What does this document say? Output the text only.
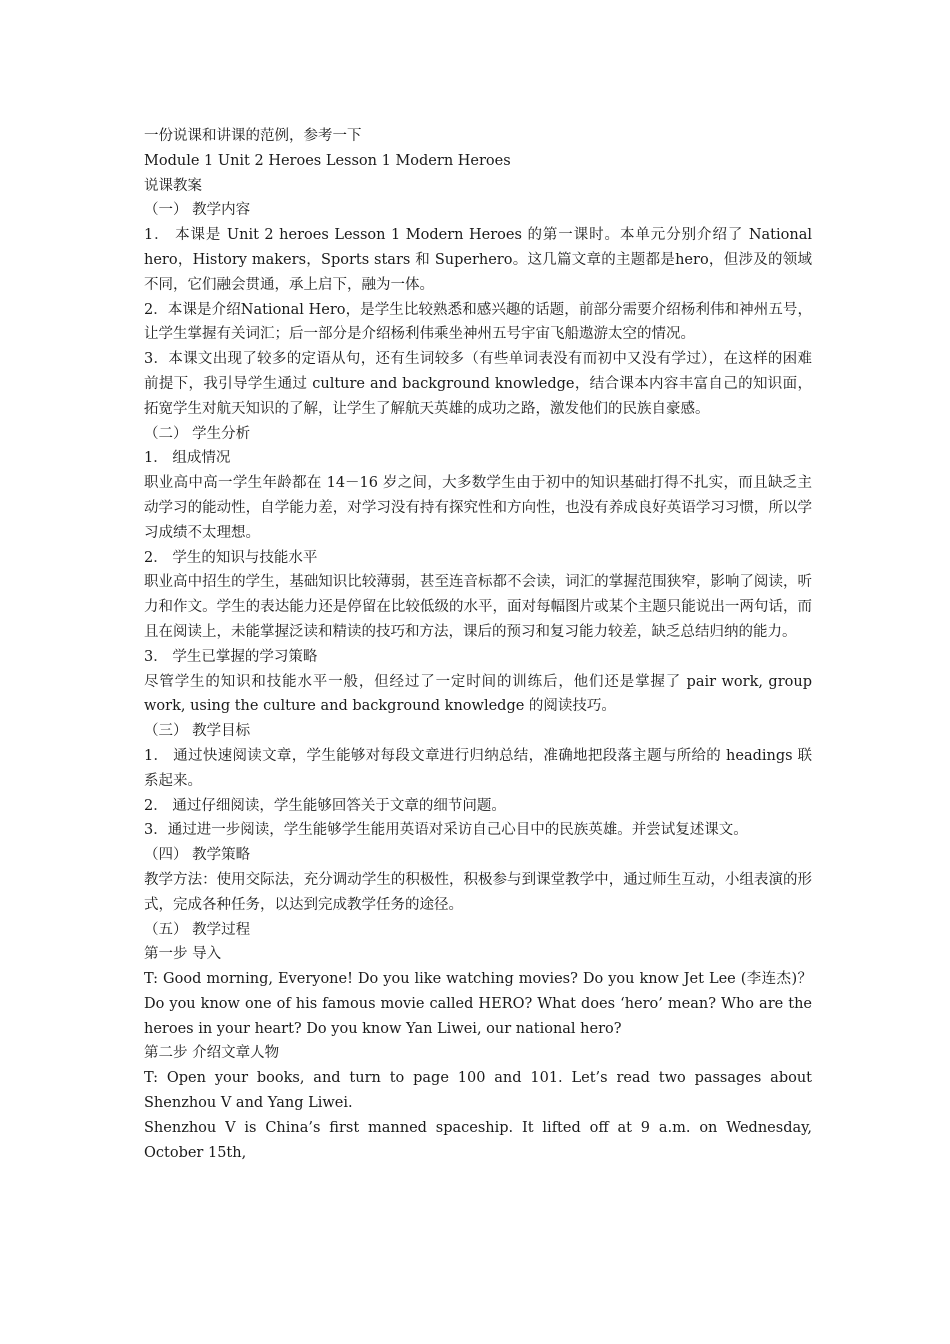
一份说课和讲课的范例，参考一下

Module 1 Unit 2 Heroes Lesson 1 Modern Heroes

说课教案

（一） 教学内容

1． 本课是 Unit 2 heroes Lesson 1 Modern Heroes 的第一课时。本单元分别介绍了 National hero，History makers，Sports stars 和 Superhero。这几篇文章的主题都是hero，但涉及的领域不同，它们融会贯通，承上启下，融为一体。

2．本课是介绍National Hero，是学生比较熟悉和感兴趣的话题，前部分需要介绍杨利伟和神州五号，让学生掌握有关词汇；后一部分是介绍杨利伟乘坐神州五号宇宙飞船遨游太空的情况。

3．本课文出现了较多的定语从句，还有生词较多（有些单词表没有而初中又没有学过），在这样的困难前提下，我引导学生通过 culture and background knowledge，结合课本内容丰富自己的知识面，拓宽学生对航天知识的了解，让学生了解航天英雄的成功之路，激发他们的民族自豪感。

（二） 学生分析

1． 组成情况

职业高中高一学生年龄都在 14－16 岁之间，大多数学生由于初中的知识基础打得不扎实，而且缺乏主动学习的能动性，自学能力差，对学习没有持有探究性和方向性，也没有养成良好英语学习习惯，所以学习成绩不太理想。

2． 学生的知识与技能水平

职业高中招生的学生，基础知识比较薄弱，甚至连音标都不会读，词汇的掌握范围狭窄，影响了阅读，听力和作文。学生的表达能力还是停留在比较低级的水平，面对每幅图片或某个主题只能说出一两句话，而且在阅读上，未能掌握泛读和精读的技巧和方法，课后的预习和复习能力较差，缺乏总结归纳的能力。

3． 学生已掌握的学习策略

尽管学生的知识和技能水平一般，但经过了一定时间的训练后，他们还是掌握了 pair work, group work, using the culture and background knowledge 的阅读技巧。

（三） 教学目标

1． 通过快速阅读文章，学生能够对每段文章进行归纳总结，准确地把段落主题与所给的 headings 联系起来。

2． 通过仔细阅读，学生能够回答关于文章的细节问题。

3．通过进一步阅读，学生能够学生能用英语对采访自己心目中的民族英雄。并尝试复述课文。

（四） 教学策略

教学方法：使用交际法，充分调动学生的积极性，积极参与到课堂教学中，通过师生互动，小组表演的形式，完成各种任务，以达到完成教学任务的途径。

（五） 教学过程

第一步 导入

T: Good morning, Everyone! Do you like watching movies? Do you know Jet Lee (李连杰)？Do you know one of his famous movie called HERO? What does ‘hero’ mean? Who are the heroes in your heart? Do you know Yan Liwei, our national hero?

第二步 介绍文章人物

T: Open your books, and turn to page 100 and 101. Let’s read two passages about Shenzhou V and Yang Liwei.

Shenzhou V is China’s first manned spaceship. It lifted off at 9 a.m. on Wednesday, October 15th,
